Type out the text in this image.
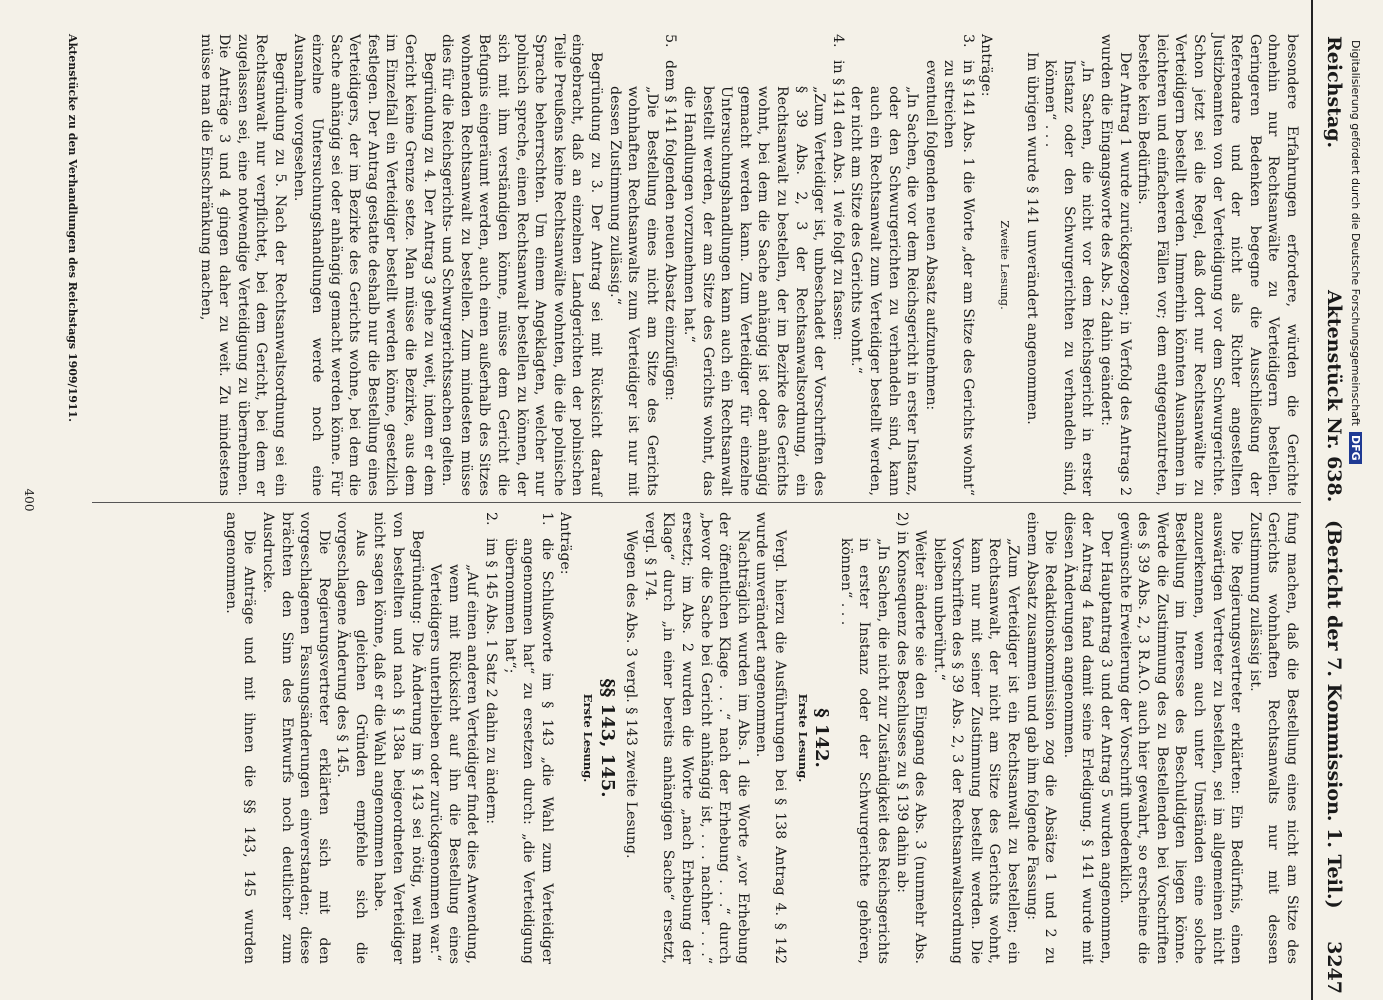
Reichstag.
Aktenstück Nr. 638.
(Bericht der 7. Kommission. 1. Teil.)
3247

besondere Erfahrungen erfordere, würden die Gerichte ohnehin nur Rechtsanwälte zu Verteidigern bestellen. Geringeren Bedenken begegne die Ausschließung der Referendare und der nicht als Richter angestellten Justizbeamten von der Verteidigung vor dem Schwurgerichte. Schon jetzt sei die Regel, daß dort nur Rechtsanwälte zu Verteidigern bestellt werden. Immerhin könnten Ausnahmen in leichteren und einfacheren Fällen vor; dem entgegenzutreten, bestehe kein Bedürfnis.

Der Antrag 1 wurde zurückgezogen; in Verfolg des Antrags 2 wurden die Eingangsworte des Abs. 2 dahin geändert:

„In Sachen, die nicht vor dem Reichsgericht in erster Instanz oder den Schwurgerichten zu verhandeln sind, können“ . . .

Im übrigen wurde § 141 unverändert angenommen.

Zweite Lesung.

Anträge:

3.
in § 141 Abs. 1 die Worte „der am Sitze des Gerichts wohnt“ zu streichen
eventuell folgenden neuen Absatz aufzunehmen:

„In Sachen, die vor dem Reichsgericht in erster Instanz, oder den Schwurgerichten zu verhandeln sind, kann auch ein Rechtsanwalt zum Verteidiger bestellt werden, der nicht am Sitze des Gerichts wohnt.“
4.
in § 141 den Abs. 1 wie folgt zu fassen:

„Zum Verteidiger ist, unbeschadet der Vorschriften des § 39 Abs. 2, 3 der Rechtsanwaltsordnung, ein Rechtsanwalt zu bestellen, der im Bezirke des Gerichts wohnt, bei dem die Sache anhängig ist oder anhängig gemacht werden kann. Zum Verteidiger für einzelne Untersuchungshandlungen kann auch ein Rechtsanwalt bestellt werden, der am Sitze des Gerichts wohnt, das die Handlungen vorzunehmen hat.“
5.
dem § 141 folgenden neuen Absatz einzufügen:

„Die Bestellung eines nicht am Sitze des Gerichts wohnhaften Rechtsanwalts zum Verteidiger ist nur mit dessen Zustimmung zulässig.“

Begründung zu 3. Der Antrag sei mit Rücksicht darauf eingebracht, daß an einzelnen Landgerichten der polnischen Teile Preußens keine Rechtsanwälte wohnten, die die polnische Sprache beherrschten. Um einem Angeklagten, welcher nur polnisch spreche, einen Rechtsanwalt bestellen zu können, der sich mit ihm verständigen könne, müsse dem Gericht die Befugnis eingeräumt werden, auch einen außerhalb des Sitzes wohnenden Rechtsanwalt zu bestellen. Zum mindesten müsse dies für die Reichsgerichts- und Schwurgerichtssachen gelten.

Begründung zu 4. Der Antrag 3 gehe zu weit, indem er dem Gericht keine Grenze setze. Man müsse die Bezirke, aus dem im Einzelfall ein Verteidiger bestellt werden könne, gesetzlich festlegen. Der Antrag gestatte deshalb nur die Bestellung eines Verteidigers, der im Bezirke des Gerichts wohne, bei dem die Sache anhängig sei oder anhängig gemacht werden könne. Für einzelne Untersuchungshandlungen werde noch eine Ausnahme vorgesehen.

Begründung zu 5. Nach der Rechtsanwaltsordnung sei ein Rechtsanwalt nur verpflichtet, bei dem Gericht, bei dem er zugelassen sei, eine notwendige Verteidigung zu übernehmen. Die Anträge 3 und 4 gingen daher zu weit. Zu mindestens müsse man die Einschränkung machen,

fung machen, daß die Bestellung eines nicht am Sitze des Gerichts wohnhaften Rechtsanwalts nur mit dessen Zustimmung zulässig ist.

Die Regierungsvertreter erklärten: Ein Bedürfnis, einen auswärtigen Vertreter zu bestellen, sei im allgemeinen nicht anzuerkennen, wenn auch unter Umständen eine solche Bestellung im Interesse des Beschuldigten liegen könne. Werde die Zustimmung des zu Bestellenden bei Vorschriften des § 39 Abs. 2, 3 R.A.O. auch hier gewahrt, so erscheine die gewünschte Erweiterung der Vorschrift unbedenklich.

Der Hauptantrag 3 und der Antrag 5 wurden angenommen, der Antrag 4 fand damit seine Erledigung. § 141 wurde mit diesen Änderungen angenommen.

Die Redaktionskommission zog die Absätze 1 und 2 zu einem Absatz zusammen und gab ihm folgende Fassung:

„Zum Verteidiger ist ein Rechtsanwalt zu bestellen; ein Rechtsanwalt, der nicht am Sitze des Gerichts wohnt, kann nur mit seiner Zustimmung bestellt werden. Die Vorschriften des § 39 Abs. 2, 3 der Rechtsanwaltsordnung bleiben unberührt.“

Weiter änderte sie den Eingang des Abs. 3 (nunmehr Abs. 2) in Konsequenz des Beschlusses zu § 139 dahin ab:

„In Sachen, die nicht zur Zuständigkeit des Reichsgerichts in erster Instanz oder der Schwurgerichte gehören, können“ . . .

§ 142.

Erste Lesung.

Vergl. hierzu die Ausführungen bei § 138 Antrag 4. § 142 wurde unverändert angenommen.

Nachträglich wurden im Abs. 1 die Worte „vor Erhebung der öffentlichen Klage . . .“ nach der Erhebung . . .“ durch „bevor die Sache bei Gericht anhängig ist, . . . nachher . . .“ ersetzt; im Abs. 2 wurden die Worte „nach Erhebung der Klage“ durch „in einer bereits anhängigen Sache“ ersetzt, vergl. § 174.

Wegen des Abs. 3 vergl. § 143 zweite Lesung.

§§ 143, 145.

Erste Lesung.

Anträge:

1.
die Schlußworte im § 143 „die Wahl zum Verteidiger angenommen hat“ zu ersetzen durch: „die Verteidigung übernommen hat“;
2.
im § 145 Abs. 1 Satz 2 dahin zu ändern:

„Auf einen anderen Verteidiger findet dies Anwendung, wenn mit Rücksicht auf ihn die Bestellung eines Verteidigers unterblieben oder zurückgenommen war.“

Begründung: Die Änderung im § 143 sei nötig, weil man von bestellten und nach § 138a beigeordneten Verteidiger nicht sagen könne, daß er die Wahl angenommen habe.

Aus den gleichen Gründen empfehle sich die vorgeschlagene Änderung des § 145.

Die Regierungsvertreter erklärten sich mit den vorgeschlagenen Fassungsänderungen einverstanden; diese brächten den Sinn des Entwurfs noch deutlicher zum Ausdrucke.

Die Anträge und mit ihnen die §§ 143, 145 wurden angenommen.

Aktenstücke zu den Verhandlungen des Reichstags 1909/1911.
400
Digitalisierung gefördert durch die Deutsche ForschungsgemeinschaftDFG
